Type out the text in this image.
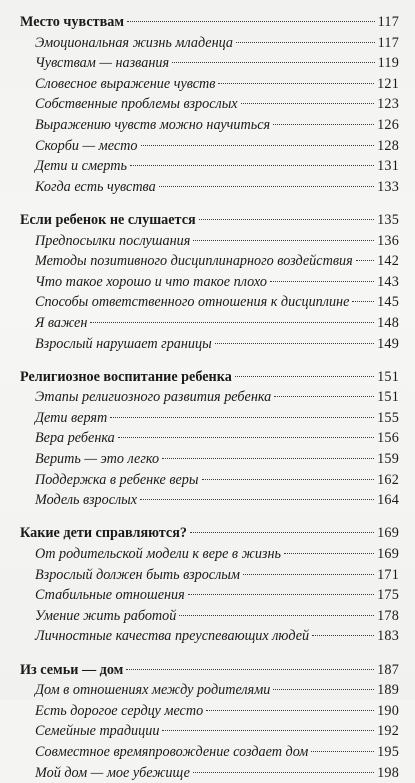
Место чувствам	117
Эмоциональная жизнь младенца	117
Чувствам — названия	119
Словесное выражение чувств	121
Собственные проблемы взрослых	123
Выражению чувств можно научиться	126
Скорби — место	128
Дети и смерть	131
Когда есть чувства	133
Если ребенок не слушается	135
Предпосылки послушания	136
Методы позитивного дисциплинарного воздействия 142
Что такое хорошо и что такое плохо	143
Способы ответственного отношения к дисциплине 145
Я важен	148
Взрослый нарушает границы	149
Религиозное воспитание ребенка	151
Этапы религиозного развития ребенка	151
Дети верят	155
Вера ребенка	156
Верить — это легко	159
Поддержка в ребенке веры	162
Модель взрослых	164
Какие дети справляются?	169
От родительской модели к вере в жизнь	169
Взрослый должен быть взрослым	171
Стабильные отношения	175
Умение жить работой	178
Личностные качества преуспевающих людей	183
Из семьи — дом	187
Дом в отношениях между родителями	189
Есть дорогое сердцу место	190
Семейные традиции	192
Совместное времяпровождение создает дом	195
Мой дом — мое убежище	198
